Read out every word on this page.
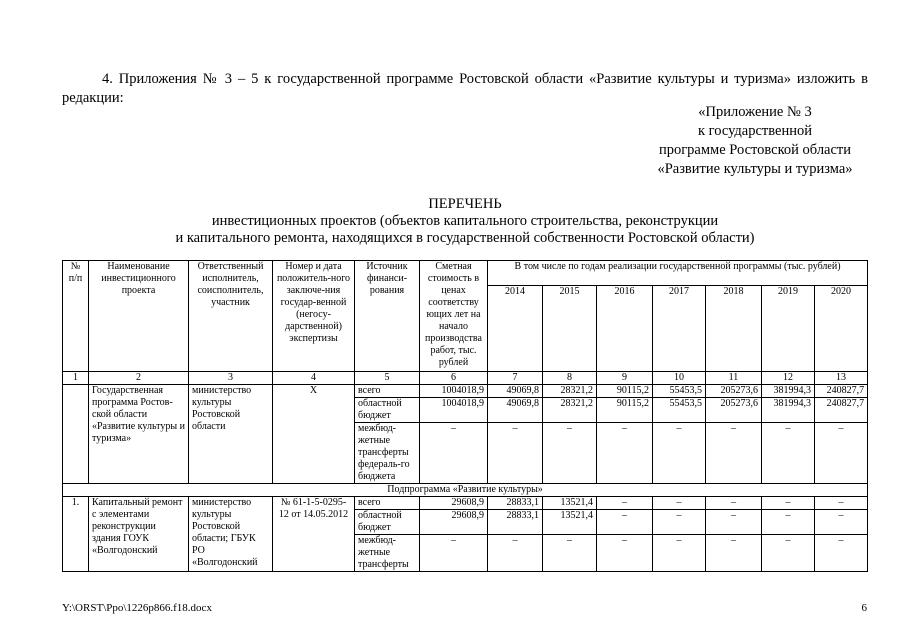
4. Приложения № 3 – 5 к государственной программе Ростовской области «Развитие культуры и туризма» изложить в редакции:
«Приложение № 3
к государственной
программе Ростовской области
«Развитие культуры и туризма»
ПЕРЕЧЕНЬ
инвестиционных проектов (объектов капитального строительства, реконструкции
и капитального ремонта, находящихся в государственной собственности Ростовской области)
№ п/п	Наименование инвестиционного проекта	Ответственный исполнитель, соисполнитель, участник	Номер и дата положитель-ного заключе-ния государ-венной (негосу-дарственной) экспертизы	Источник финанси-рования	Сметная стоимость в ценах соответству ющих лет на начало производства работ, тыс. рублей	В том числе по годам реализации государственной программы (тыс. рублей)						
						2014	2015	2016	2017	2018	2019	2020
1	2	3	4	5	6	7	8	9	10	11	12	13
	Государственная программа Ростов-ской области «Развитие культуры и туризма»	министерство культуры Ростовской области	Х	всего	1004018,9	49069,8	28321,2	90115,2	55453,5	205273,6	381994,3	240827,7
				областной бюджет	1004018,9	49069,8	28321,2	90115,2	55453,5	205273,6	381994,3	240827,7
				межбюд-жетные трансферты федераль-го бюджета	–	–	–	–	–	–	–	–
Подпрограмма «Развитие культуры»												
1.	Капитальный ремонт с элементами реконструкции здания ГОУК «Волгодонский	министерство культуры Ростовской области; ГБУК РО «Волгодонский	№ 61-1-5-0295-12 от 14.05.2012	всего	29608,9	28833,1	13521,4	–	–	–	–	–
				областной бюджет	29608,9	28833,1	13521,4	–	–	–	–	–
				межбюд-жетные трансферты	–	–	–	–	–	–	–	–
Y:\ORST\Ppo\1226p866.f18.docx	6
